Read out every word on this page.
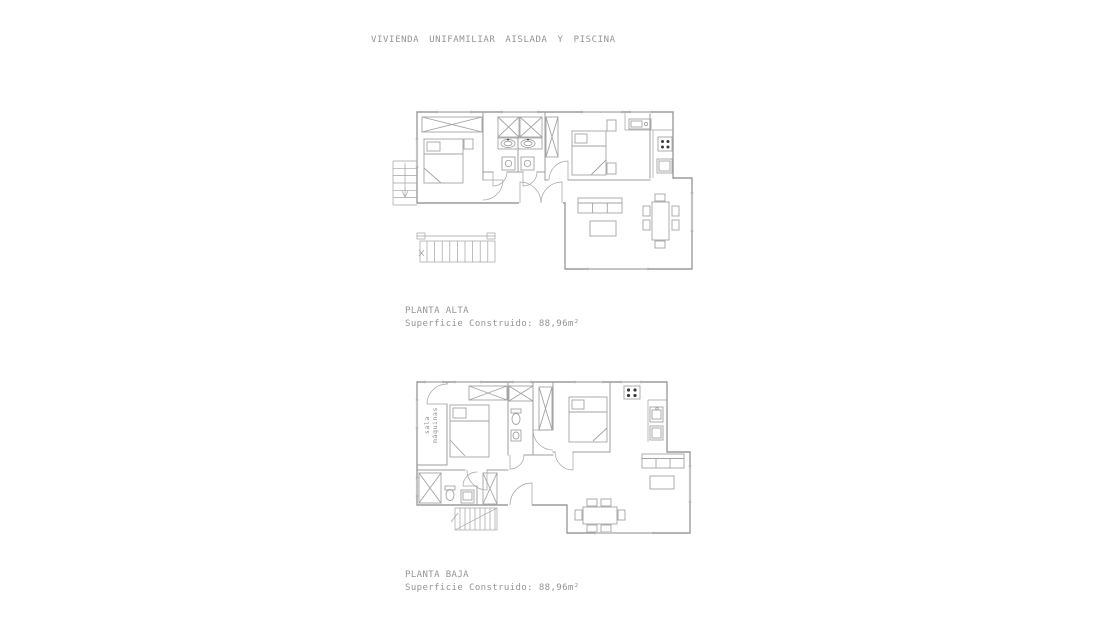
VIVIENDA UNIFAMILIAR AISLADA Y PISCINA
PLANTA ALTA
Superficie Construido: 88,96m²
sala máquinas
PLANTA BAJA
Superficie Construido: 88,96m²
